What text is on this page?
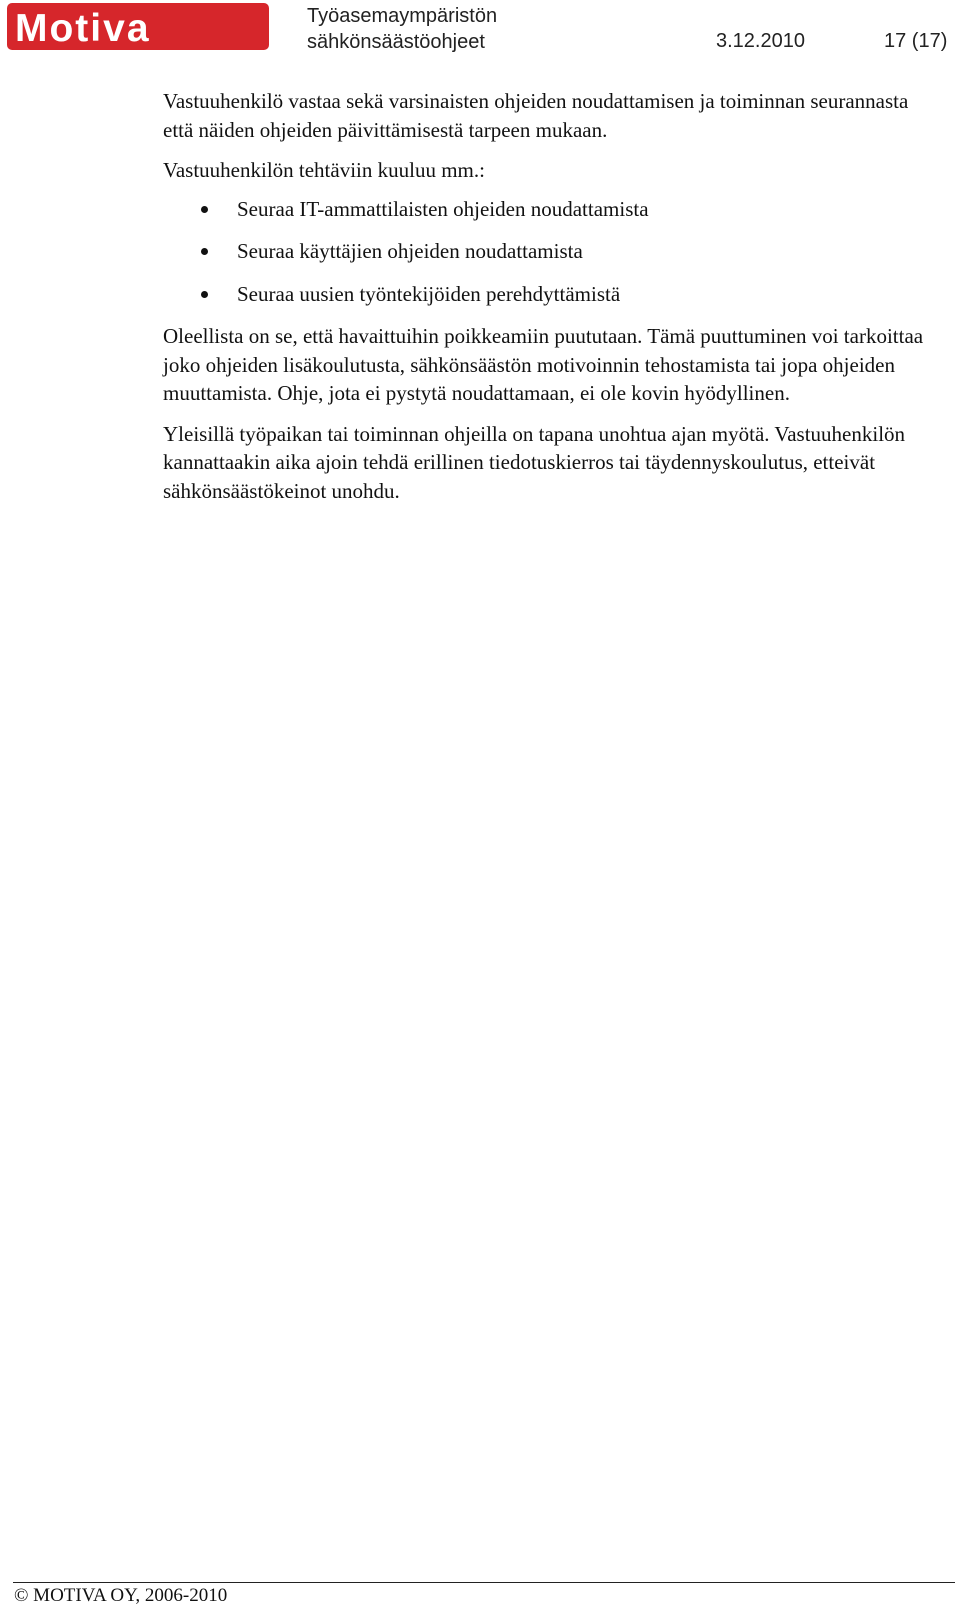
Motiva	Työasemaympäristön sähkönsäästöohjeet	3.12.2010	17 (17)

Vastuuhenkilö vastaa sekä varsinaisten ohjeiden noudattamisen ja toiminnan seurannasta että näiden ohjeiden päivittämisestä tarpeen mukaan.

Vastuuhenkilön tehtäviin kuuluu mm.:

Seuraa IT-ammattilaisten ohjeiden noudattamista
Seuraa käyttäjien ohjeiden noudattamista
Seuraa uusien työntekijöiden perehdyttämistä

Oleellista on se, että havaittuihin poikkeamiin puututaan. Tämä puuttuminen voi tarkoittaa joko ohjeiden lisäkoulutusta, sähkönsäästön motivoinnin tehostamista tai jopa ohjeiden muuttamista. Ohje, jota ei pystytä noudattamaan, ei ole kovin hyödyllinen.

Yleisillä työpaikan tai toiminnan ohjeilla on tapana unohtua ajan myötä. Vastuuhenkilön kannattaakin aika ajoin tehdä erillinen tiedotuskierros tai täydennyskoulutus, etteivät sähkönsäästökeinot unohdu.

© MOTIVA OY, 2006-2010
